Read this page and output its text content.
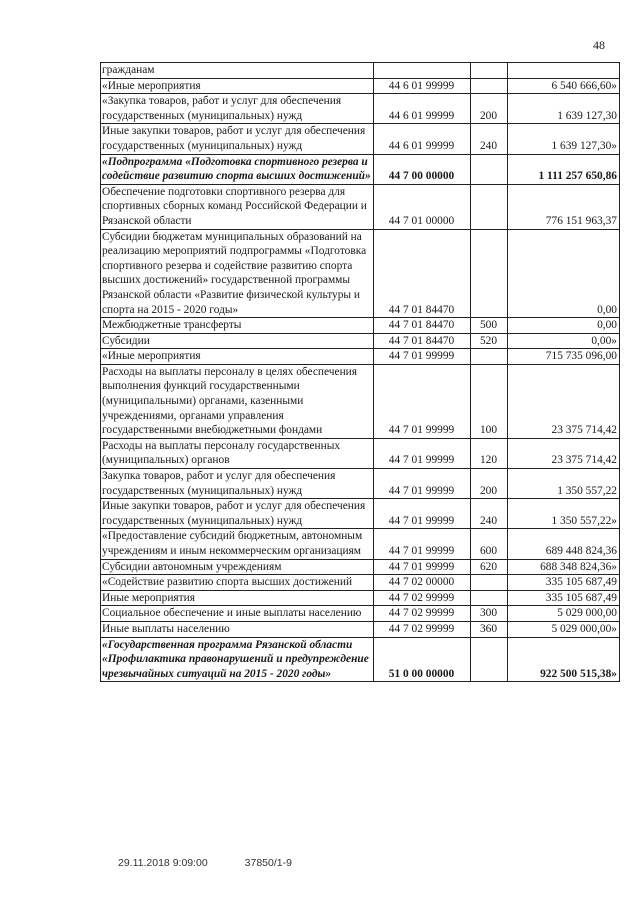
48
гражданам			
«Иные мероприятия	44 6 01 99999		6 540 666,60»
«Закупка товаров, работ и услуг для обеспечения государственных (муниципальных) нужд	44 6 01 99999	200	1 639 127,30
Иные закупки товаров, работ и услуг для обеспечения государственных (муниципальных) нужд	44 6 01 99999	240	1 639 127,30»
«Подпрограмма «Подготовка спортивного резерва и содействие развитию спорта высших достижений»	44 7 00 00000		1 111 257 650,86
Обеспечение подготовки спортивного резерва для спортивных сборных команд Российской Федерации и Рязанской области	44 7 01 00000		776 151 963,37
Субсидии бюджетам муниципальных образований на реализацию мероприятий подпрограммы «Подготовка спортивного резерва и содействие развитию спорта высших достижений» государственной программы Рязанской области «Развитие физической культуры и спорта на 2015 - 2020 годы»	44 7 01 84470		0,00
Межбюджетные трансферты	44 7 01 84470	500	0,00
Субсидии	44 7 01 84470	520	0,00»
«Иные мероприятия	44 7 01 99999		715 735 096,00
Расходы на выплаты персоналу в целях обеспечения выполнения функций государственными (муниципальными) органами, казенными учреждениями, органами управления государственными внебюджетными фондами	44 7 01 99999	100	23 375 714,42
Расходы на выплаты персоналу государственных (муниципальных) органов	44 7 01 99999	120	23 375 714,42
Закупка товаров, работ и услуг для обеспечения государственных (муниципальных) нужд	44 7 01 99999	200	1 350 557,22
Иные закупки товаров, работ и услуг для обеспечения государственных (муниципальных) нужд	44 7 01 99999	240	1 350 557,22»
«Предоставление субсидий бюджетным, автономным учреждениям и иным некоммерческим организациям	44 7 01 99999	600	689 448 824,36
Субсидии автономным учреждениям	44 7 01 99999	620	688 348 824,36»
«Содействие развитию спорта высших достижений	44 7 02 00000		335 105 687,49
Иные мероприятия	44 7 02 99999		335 105 687,49
Социальное обеспечение и иные выплаты населению	44 7 02 99999	300	5 029 000,00
Иные выплаты населению	44 7 02 99999	360	5 029 000,00»
«Государственная программа Рязанской области «Профилактика правонарушений и предупреждение чрезвычайных ситуаций на 2015 - 2020 годы»	51 0 00 00000		922 500 515,38»
29.11.2018 9:09:00	37850/1-9
